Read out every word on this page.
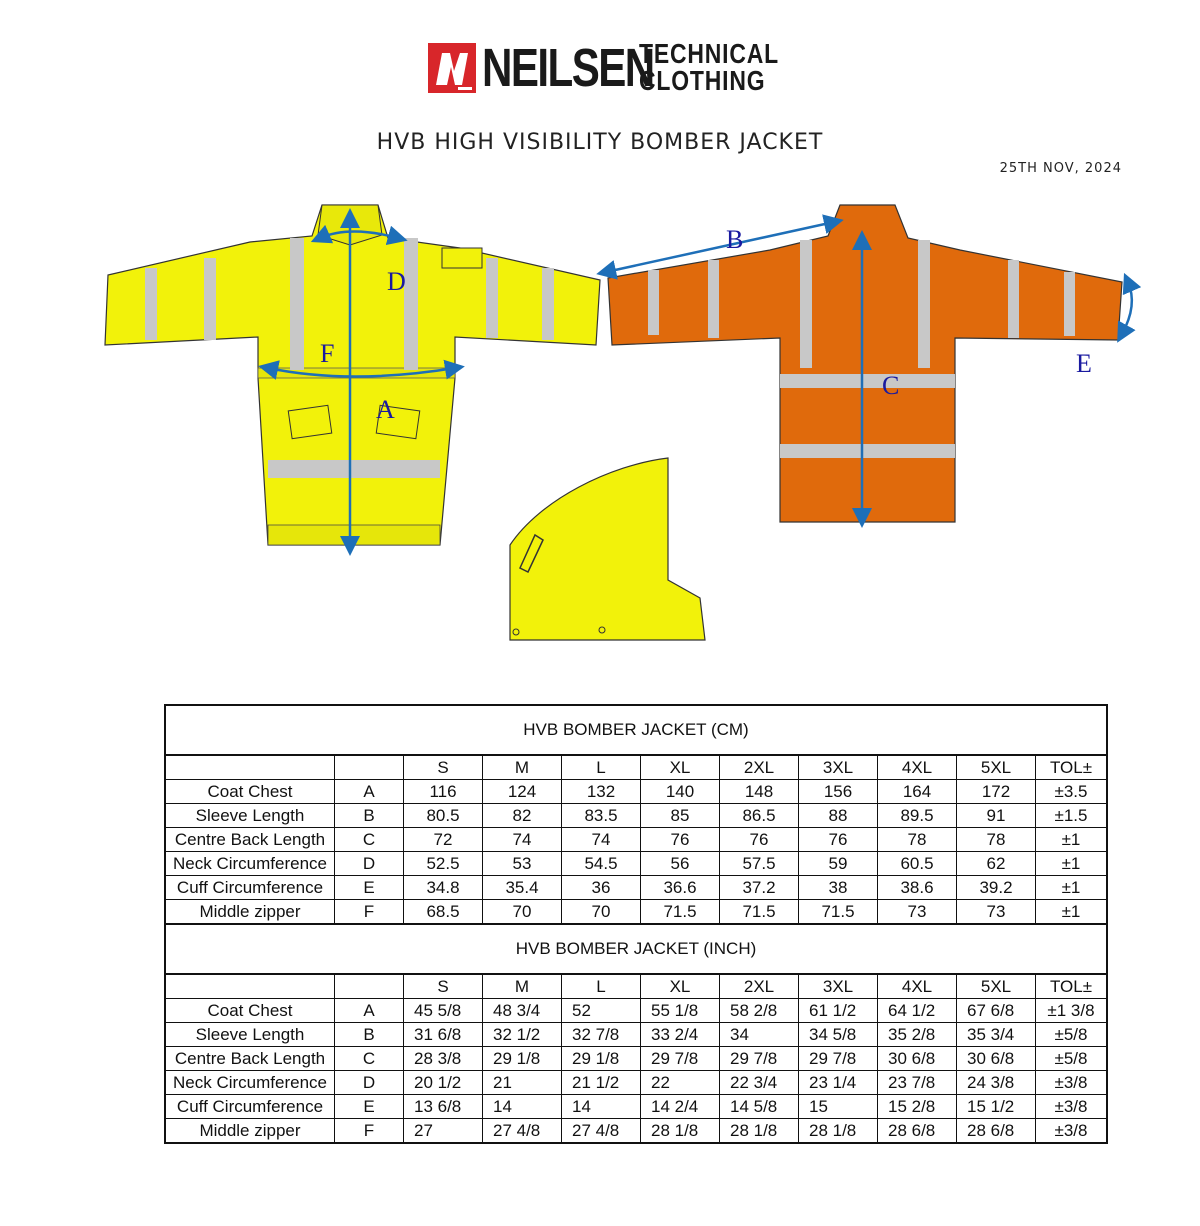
NEILSEN
TECHNICAL
CLOTHING
HVB HIGH VISIBILITY BOMBER JACKET
25TH NOV, 2024
A
B
C
D
E
F
HVB BOMBER JACKET (CM)										
		S	M	L	XL	2XL	3XL	4XL	5XL	TOL±
Coat Chest	A	116	124	132	140	148	156	164	172	±3.5
Sleeve Length	B	80.5	82	83.5	85	86.5	88	89.5	91	±1.5
Centre Back Length	C	72	74	74	76	76	76	78	78	±1
Neck Circumference	D	52.5	53	54.5	56	57.5	59	60.5	62	±1
Cuff Circumference	E	34.8	35.4	36	36.6	37.2	38	38.6	39.2	±1
Middle zipper	F	68.5	70	70	71.5	71.5	71.5	73	73	±1
HVB BOMBER JACKET (INCH)										
		S	M	L	XL	2XL	3XL	4XL	5XL	TOL±
Coat Chest	A	45 5/8	48 3/4	52	55 1/8	58 2/8	61 1/2	64 1/2	67 6/8	±1 3/8
Sleeve Length	B	31 6/8	32 1/2	32 7/8	33 2/4	34	34 5/8	35 2/8	35 3/4	±5/8
Centre Back Length	C	28 3/8	29 1/8	29 1/8	29 7/8	29 7/8	29 7/8	30 6/8	30 6/8	±5/8
Neck Circumference	D	20 1/2	21	21 1/2	22	22 3/4	23 1/4	23 7/8	24 3/8	±3/8
Cuff Circumference	E	13 6/8	14	14	14 2/4	14 5/8	15	15 2/8	15 1/2	±3/8
Middle zipper	F	27	27 4/8	27 4/8	28 1/8	28 1/8	28 1/8	28 6/8	28 6/8	±3/8
